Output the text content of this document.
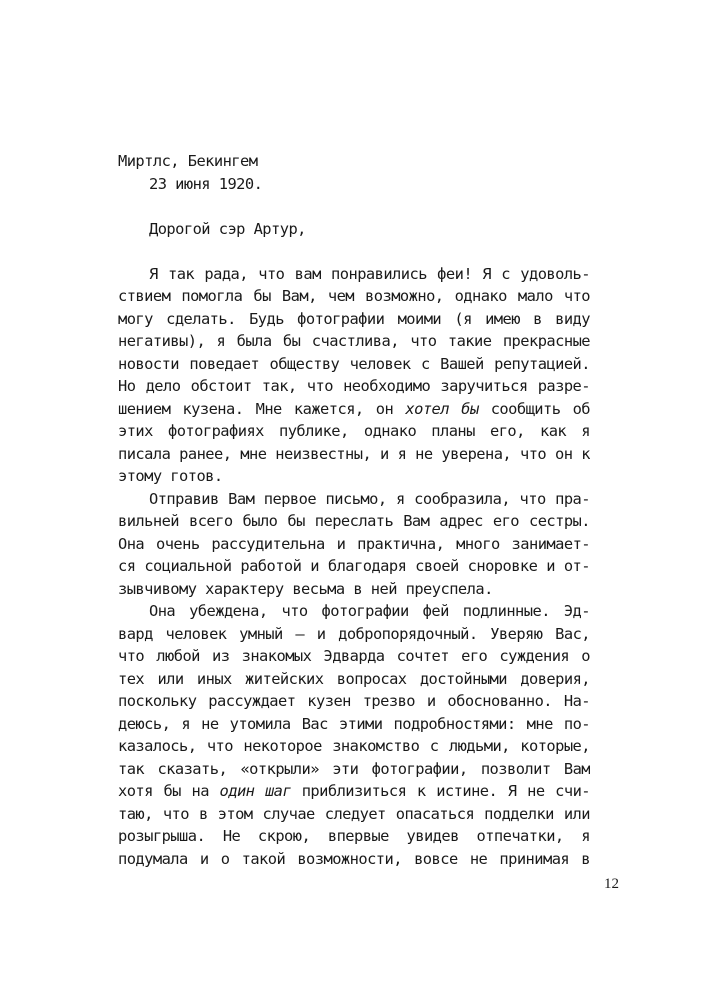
Миртлс, Бекингем
23 июня 1920.
Дорогой сэр Артур,
Я так рада, что вам понравились феи! Я с удоволь-
ствием помогла бы Вам, чем возможно, однако мало что
могу сделать. Будь фотографии моими (я имею в виду
негативы), я была бы счастлива, что такие прекрасные
новости поведает обществу человек с Вашей репутацией.
Но дело обстоит так, что необходимо заручиться разре-
шением кузена. Мне кажется, он хотел бы сообщить об
этих фотографиях публике, однако планы его, как я
писала ранее, мне неизвестны, и я не уверена, что он к
этому готов.
Отправив Вам первое письмо, я сообразила, что пра-
вильней всего было бы переслать Вам адрес его сестры.
Она очень рассудительна и практична, много занимает-
ся социальной работой и благодаря своей сноровке и от-
зывчивому характеру весьма в ней преуспела.
Она убеждена, что фотографии фей подлинные. Эд-
вард человек умный – и добропорядочный. Уверяю Вас,
что любой из знакомых Эдварда сочтет его суждения о
тех или иных житейских вопросах достойными доверия,
поскольку рассуждает кузен трезво и обоснованно. На-
деюсь, я не утомила Вас этими подробностями: мне по-
казалось, что некоторое знакомство с людьми, которые,
так сказать, «открыли» эти фотографии, позволит Вам
хотя бы на один шаг приблизиться к истине. Я не счи-
таю, что в этом случае следует опасаться подделки или
розыгрыша. Не скрою, впервые увидев отпечатки, я
подумала и о такой возможности, вовсе не принимая в
12
